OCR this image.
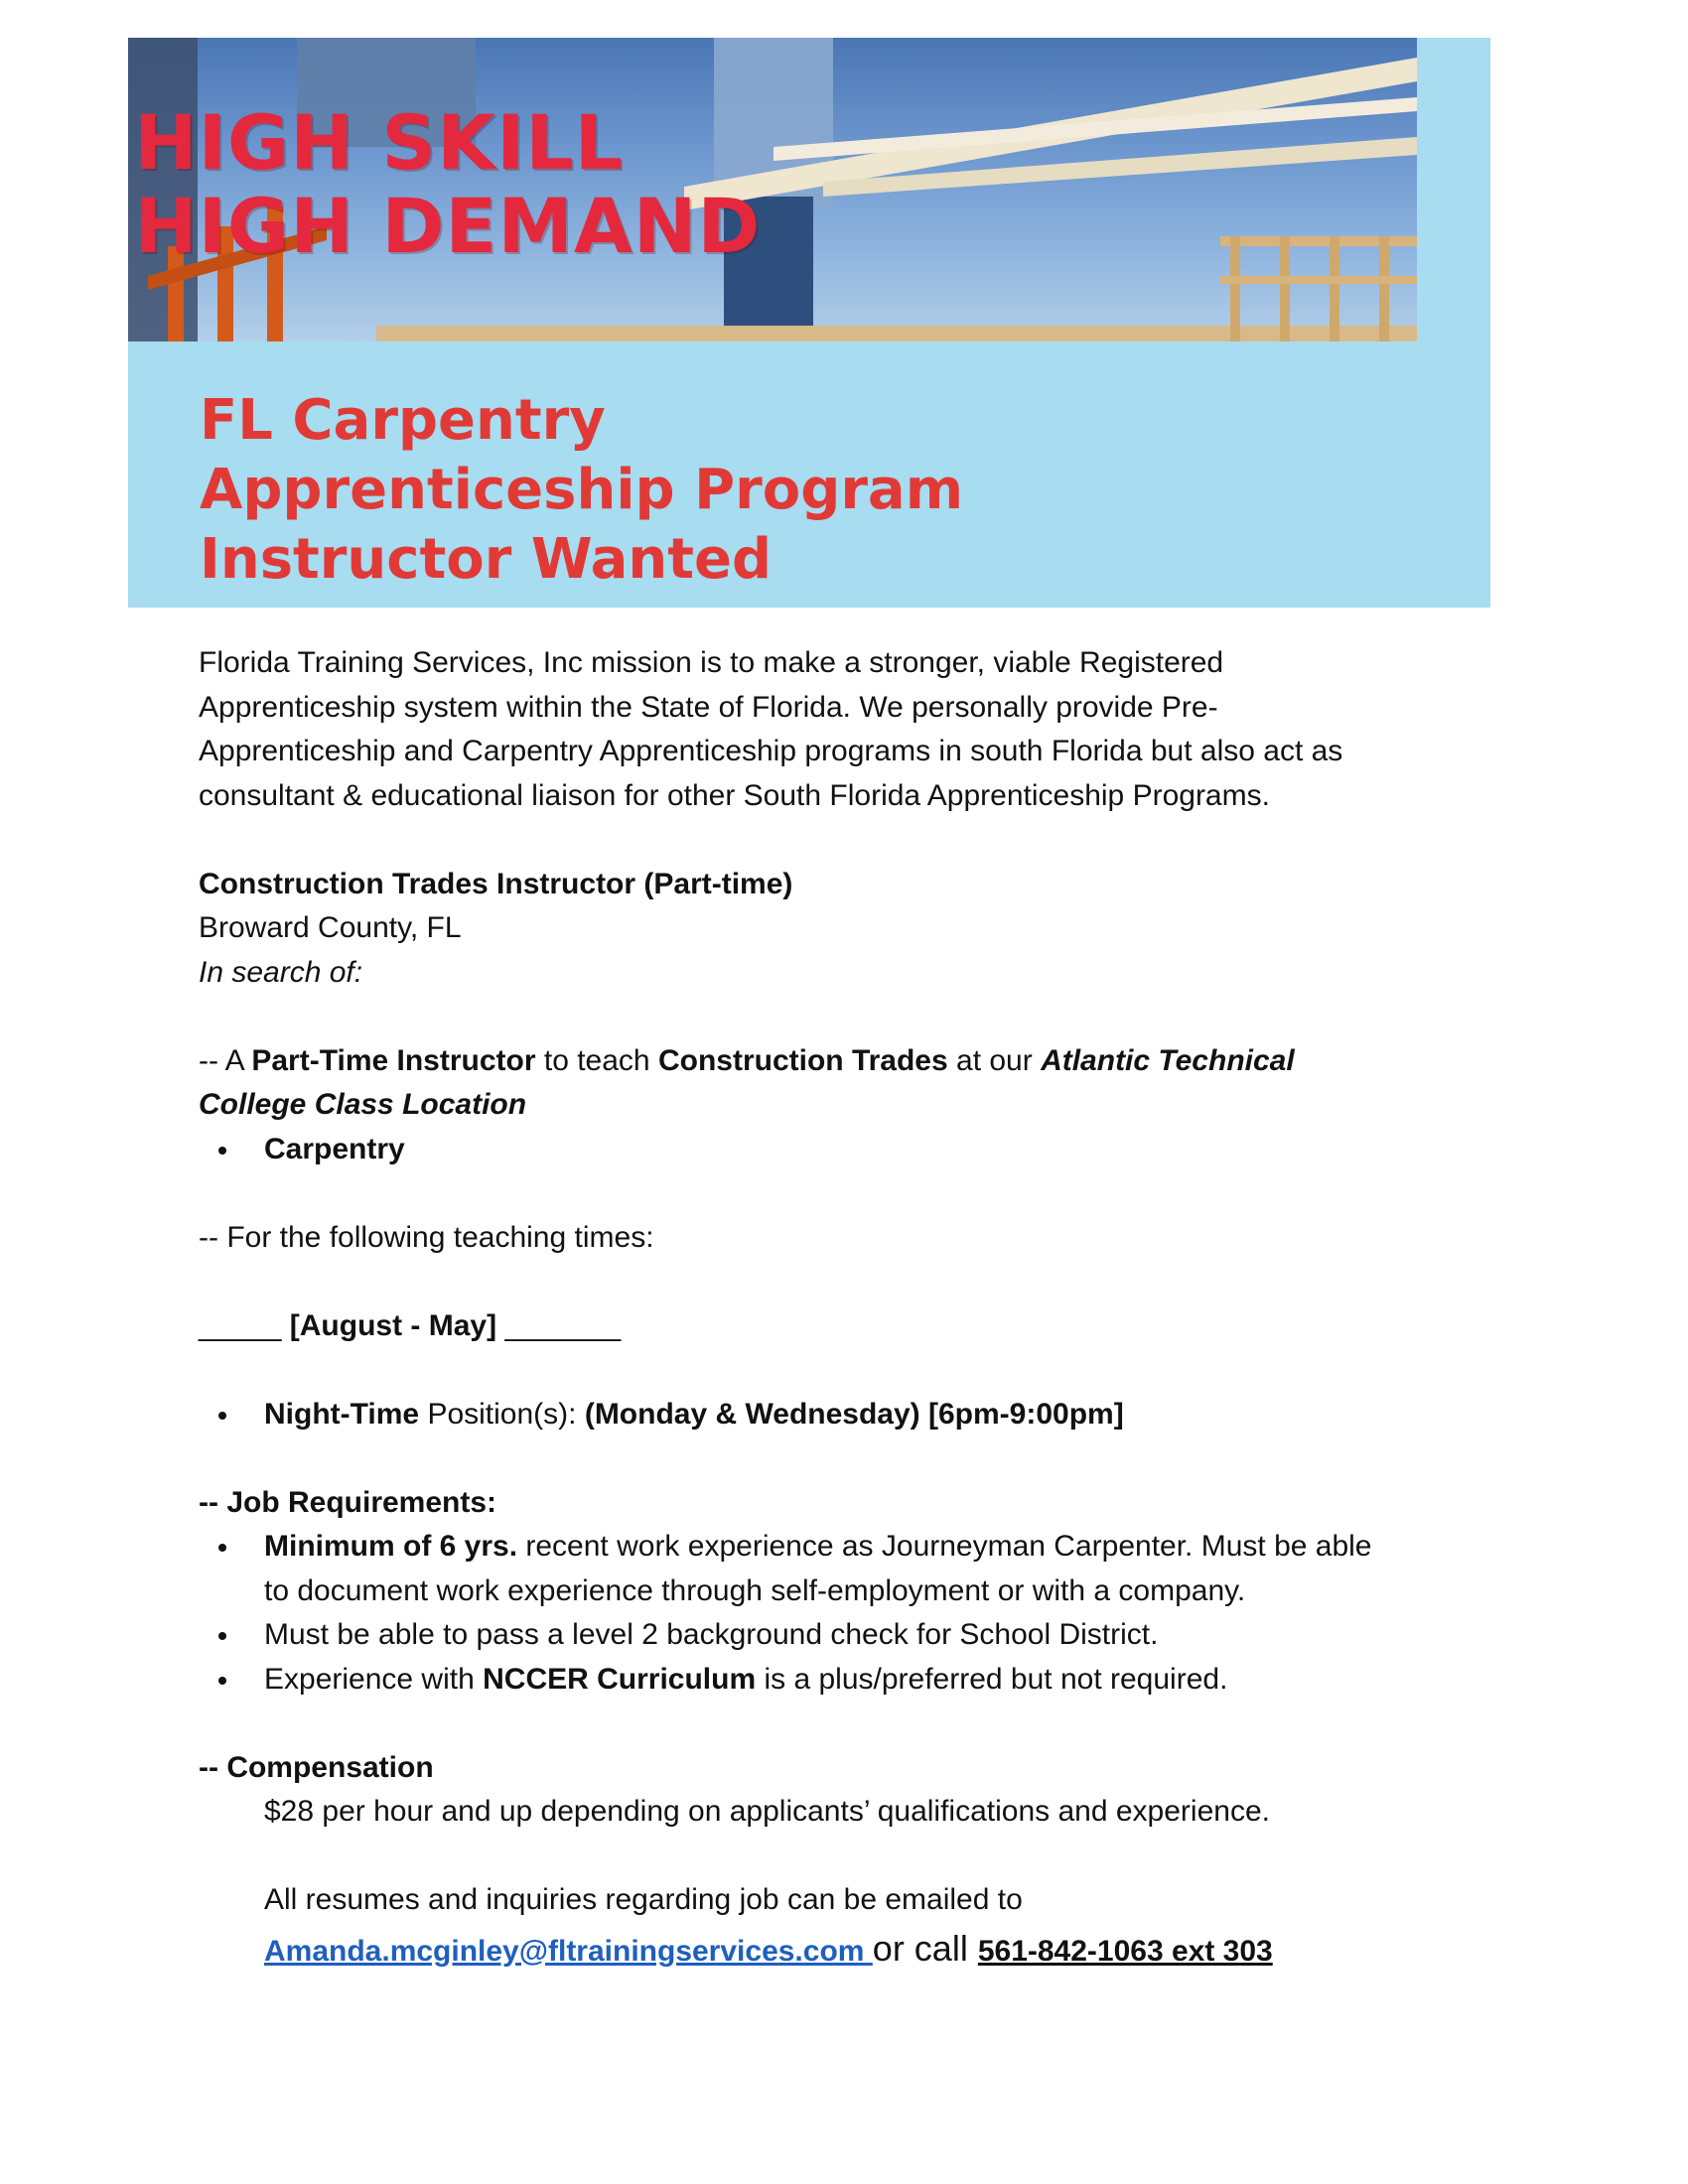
HIGH SKILL
HIGH DEMAND
FL Carpentry
Apprenticeship Program
Instructor Wanted

Florida Training Services, Inc mission is to make a stronger, viable Registered

Apprenticeship system within the State of Florida. We personally provide Pre-

Apprenticeship and Carpentry Apprenticeship programs in south Florida but also act as

consultant & educational liaison for other South Florida Apprenticeship Programs.

Construction Trades Instructor (Part-time)

Broward County, FL

In search of:

-- A Part-Time Instructor to teach Construction Trades at our Atlantic Technical

College Class Location

Carpentry

-- For the following teaching times:

_____ [August - May] _______

Night-Time Position(s): (Monday & Wednesday) [6pm-9:00pm]

-- Job Requirements:

Minimum of 6 yrs. recent work experience as Journeyman Carpenter. Must be able
to document work experience through self-employment or with a company.
Must be able to pass a level 2 background check for School District.
Experience with NCCER Curriculum is a plus/preferred but not required.

-- Compensation

$28 per hour and up depending on applicants’ qualifications and experience.

All resumes and inquiries regarding job can be emailed to

Amanda.mcginley@fltrainingservices.com or call 561-842-1063 ext 303
